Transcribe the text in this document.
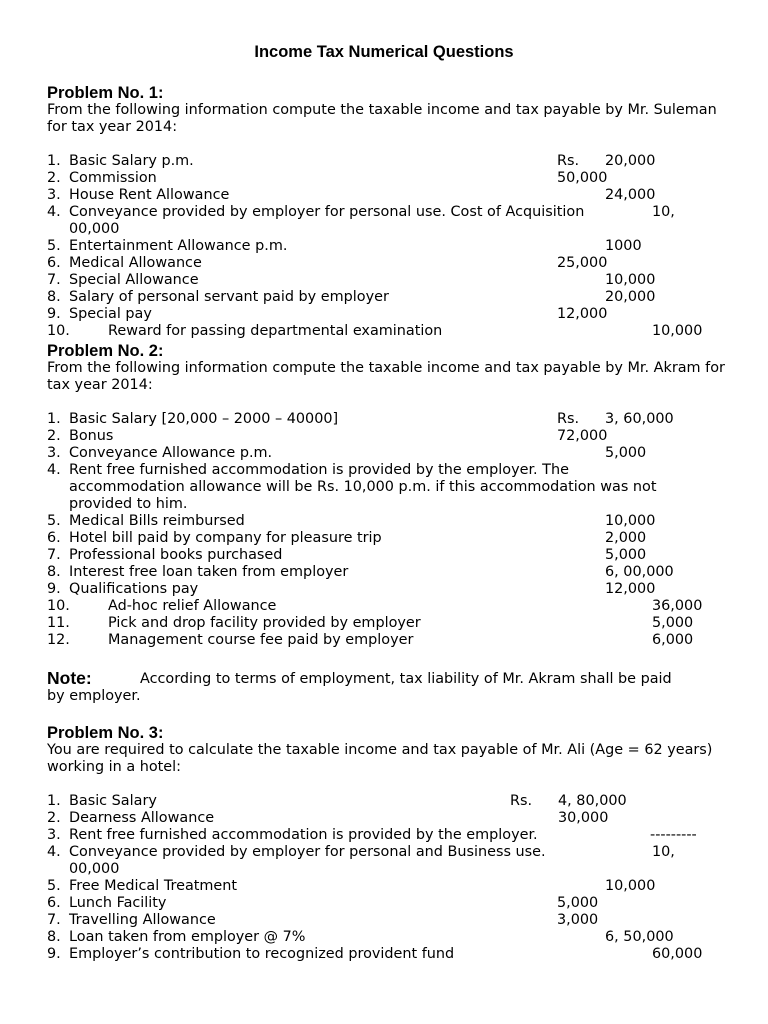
Income Tax Numerical Questions
Problem No. 1:

From the following information compute the taxable income and tax payable by Mr. Suleman for tax year 2014:

1. Basic Salary p.m.	Rs. 20,000
2. Commission	50,000
3. House Rent Allowance	24,000
4. Conveyance provided by employer for personal use. Cost of Acquisition	10,
00,000
5. Entertainment Allowance p.m.	1000
6. Medical Allowance	25,000
7. Special Allowance	10,000
8. Salary of personal servant paid by employer	20,000
9. Special pay	12,000
10.	Reward for passing departmental examination	10,000
Problem No. 2:

From the following information compute the taxable income and tax payable by Mr. Akram for tax year 2014:

1. Basic Salary [20,000 – 2000 – 40000]	Rs. 3, 60,000
2. Bonus	72,000
3. Conveyance Allowance p.m.	5,000
4. Rent free furnished accommodation is provided by the employer. The
accommodation allowance will be Rs. 10,000 p.m. if this accommodation was not
provided to him.
5. Medical Bills reimbursed	10,000
6. Hotel bill paid by company for pleasure trip	2,000
7. Professional books purchased	5,000
8. Interest free loan taken from employer	6, 00,000
9. Qualifications pay	12,000
10.	Ad-hoc relief Allowance	36,000
11.	Pick and drop facility provided by employer	5,000
12.	Management course fee paid by employer	6,000
Note:	According to terms of employment, tax liability of Mr. Akram shall be paid
by employer.
Problem No. 3:

You are required to calculate the taxable income and tax payable of Mr. Ali (Age = 62 years) working in a hotel:

1. Basic Salary	Rs. 4, 80,000
2. Dearness Allowance	30,000
3. Rent free furnished accommodation is provided by the employer.	---------
4. Conveyance provided by employer for personal and Business use.	10,
00,000
5. Free Medical Treatment	10,000
6. Lunch Facility	5,000
7. Travelling Allowance	3,000
8. Loan taken from employer @ 7%	6, 50,000
9. Employer’s contribution to recognized provident fund	60,000
